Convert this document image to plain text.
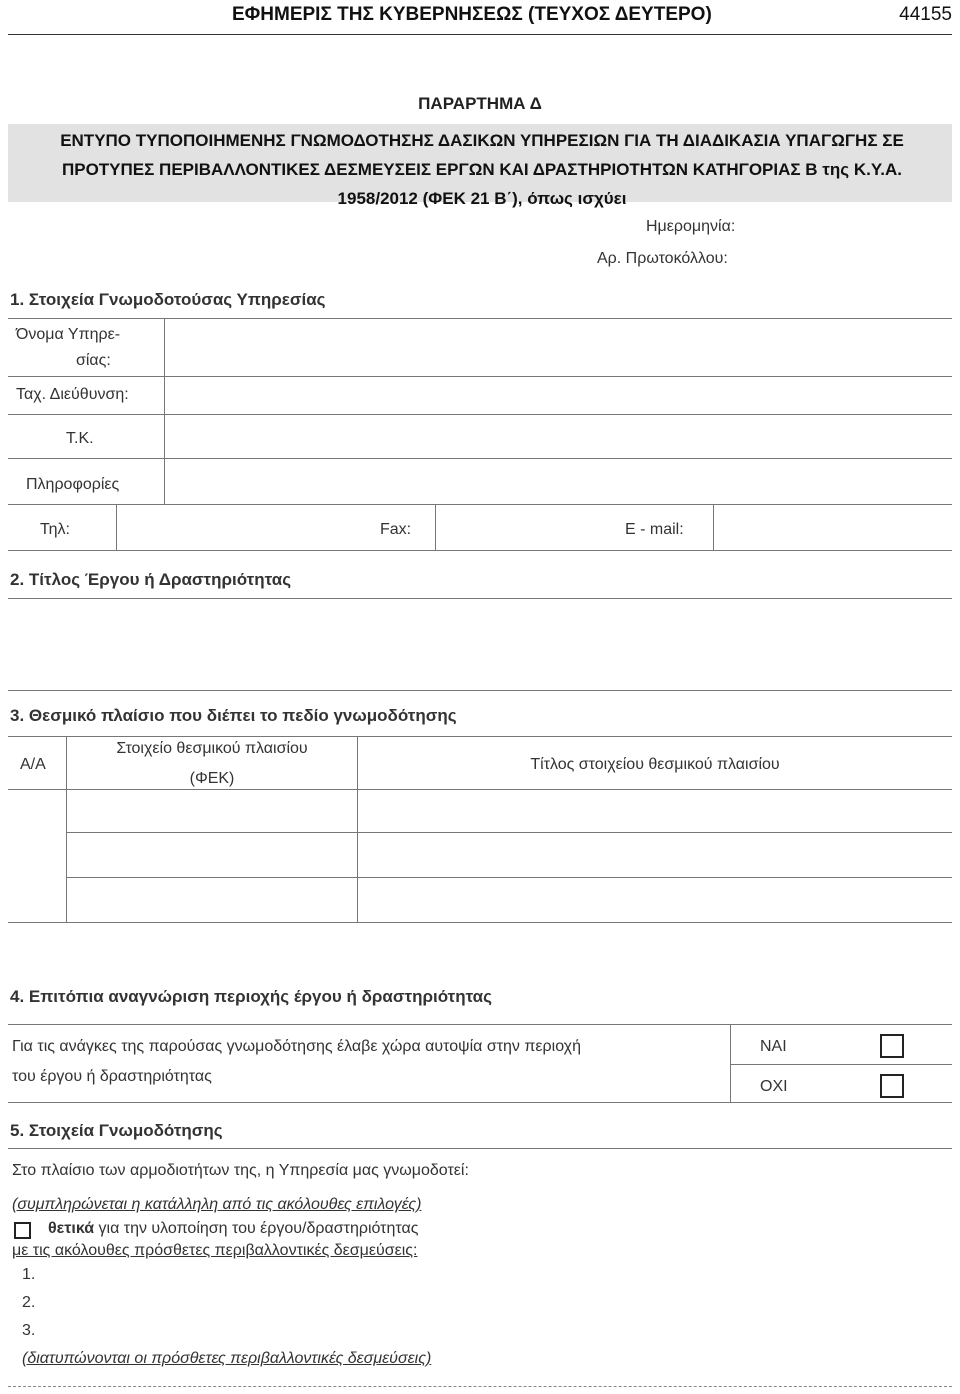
ΕΦΗΜΕΡΙΣ ΤΗΣ ΚΥΒΕΡΝΗΣΕΩΣ (ΤΕΥΧΟΣ ΔΕΥΤΕΡΟ)	44155
ΠΑΡΑΡΤΗΜΑ Δ
ΕΝΤΥΠΟ ΤΥΠΟΠΟΙΗΜΕΝΗΣ ΓΝΩΜΟΔΟΤΗΣΗΣ ΔΑΣΙΚΩΝ ΥΠΗΡΕΣΙΩΝ ΓΙΑ ΤΗ ΔΙΑΔΙΚΑΣΙΑ ΥΠΑΓΩΓΗΣ ΣΕ
ΠΡΟΤΥΠΕΣ ΠΕΡΙΒΑΛΛΟΝΤΙΚΕΣ ΔΕΣΜΕΥΣΕΙΣ ΕΡΓΩΝ ΚΑΙ ΔΡΑΣΤΗΡΙΟΤΗΤΩΝ ΚΑΤΗΓΟΡΙΑΣ Β της Κ.Υ.Α.
1958/2012 (ΦΕΚ 21 Β΄), όπως ισχύει
Ημερομηνία:
Αρ. Πρωτοκόλλου:
1. Στοιχεία Γνωμοδοτούσας Υπηρεσίας
Όνομα Υπηρε-
σίας:
Ταχ. Διεύθυνση:
Τ.Κ.
Πληροφορίες
Τηλ:	Fax:	E - mail:
2. Τίτλος Έργου ή Δραστηριότητας
3. Θεσμικό πλαίσιο που διέπει το πεδίο γνωμοδότησης
Α/Α
Στοιχείο θεσμικού πλαισίου
(ΦΕΚ)
Τίτλος στοιχείου θεσμικού πλαισίου
4. Επιτόπια αναγνώριση περιοχής έργου ή δραστηριότητας
Για τις ανάγκες της παρούσας γνωμοδότησης έλαβε χώρα αυτοψία στην περιοχή
του έργου ή δραστηριότητας
ΝΑΙ
ΟΧΙ
5. Στοιχεία Γνωμοδότησης
Στο πλαίσιο των αρμοδιοτήτων της, η Υπηρεσία μας γνωμοδοτεί:
(συμπληρώνεται η κατάλληλη από τις ακόλουθες επιλογές)
θετικά για την υλοποίηση του έργου/δραστηριότητας
με τις ακόλουθες πρόσθετες περιβαλλοντικές δεσμεύσεις:
1.
2.
3.
(διατυπώνονται οι πρόσθετες περιβαλλοντικές δεσμεύσεις)
